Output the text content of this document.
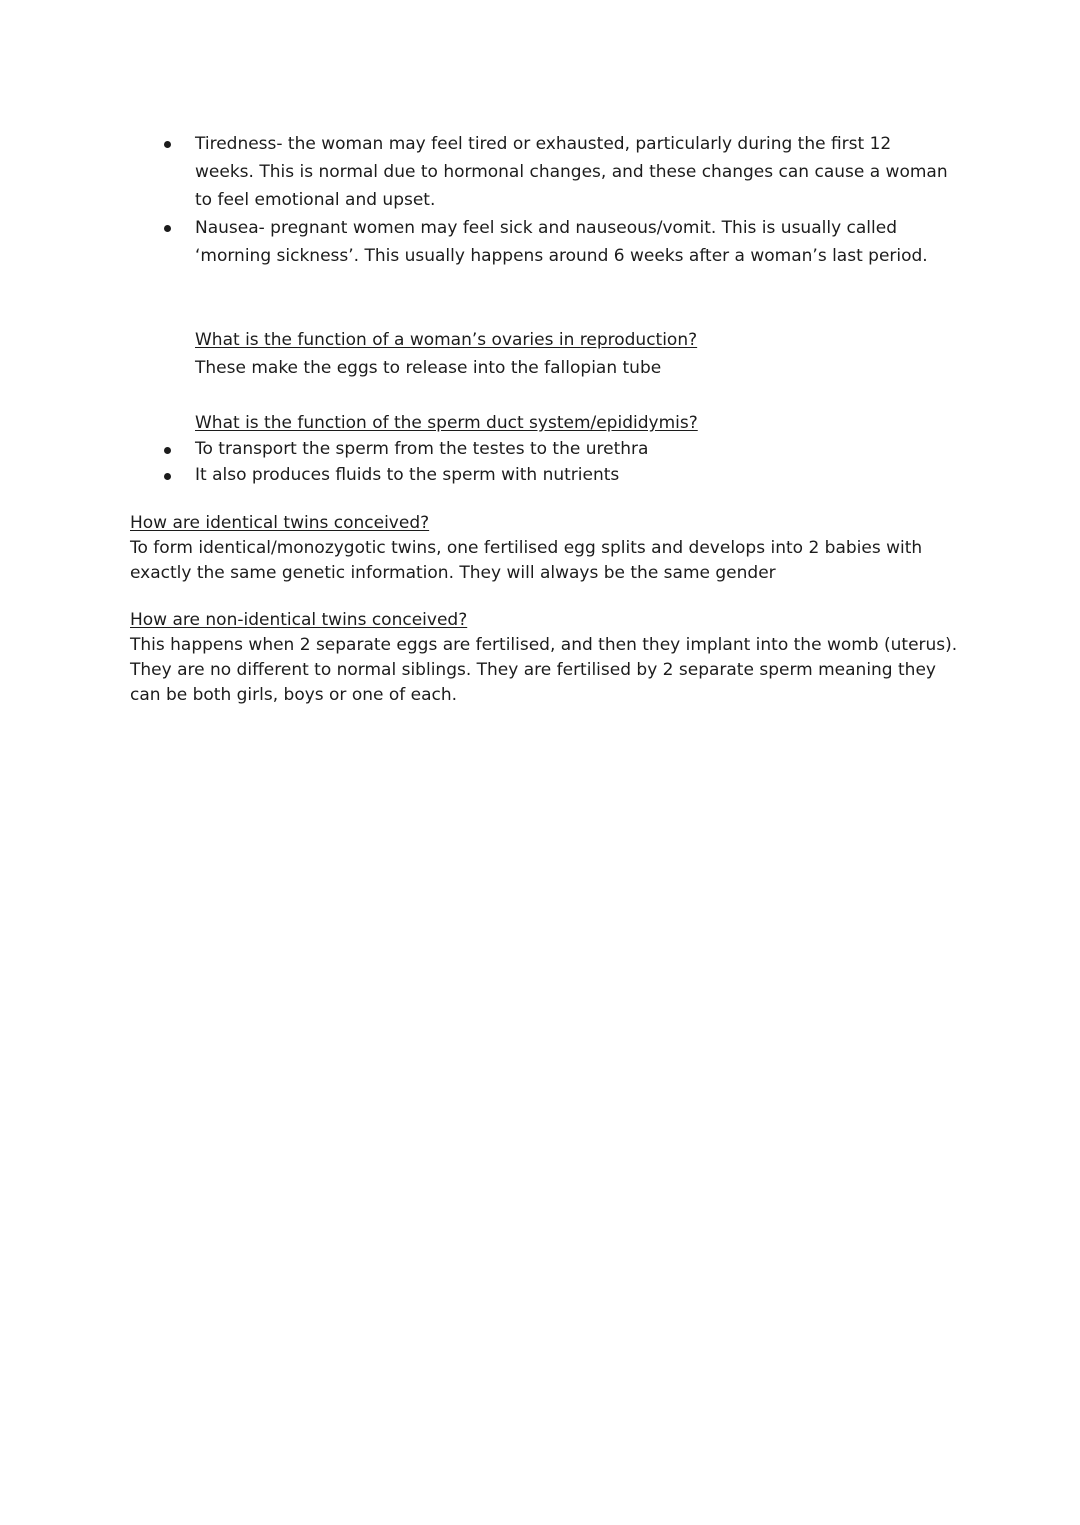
Tiredness- the woman may feel tired or exhausted, particularly during the first 12 weeks. This is normal due to hormonal changes, and these changes can cause a woman to feel emotional and upset.
Nausea- pregnant women may feel sick and nauseous/vomit. This is usually called ‘morning sickness’. This usually happens around 6 weeks after a woman’s last period.
What is the function of a woman’s ovaries in reproduction?
These make the eggs to release into the fallopian tube
What is the function of the sperm duct system/epididymis?
To transport the sperm from the testes to the urethra
It also produces fluids to the sperm with nutrients
How are identical twins conceived?
To form identical/monozygotic twins, one fertilised egg splits and develops into 2 babies with exactly the same genetic information. They will always be the same gender
How are non-identical twins conceived?
This happens when 2 separate eggs are fertilised, and then they implant into the womb (uterus). They are no different to normal siblings. They are fertilised by 2 separate sperm meaning they can be both girls, boys or one of each.
